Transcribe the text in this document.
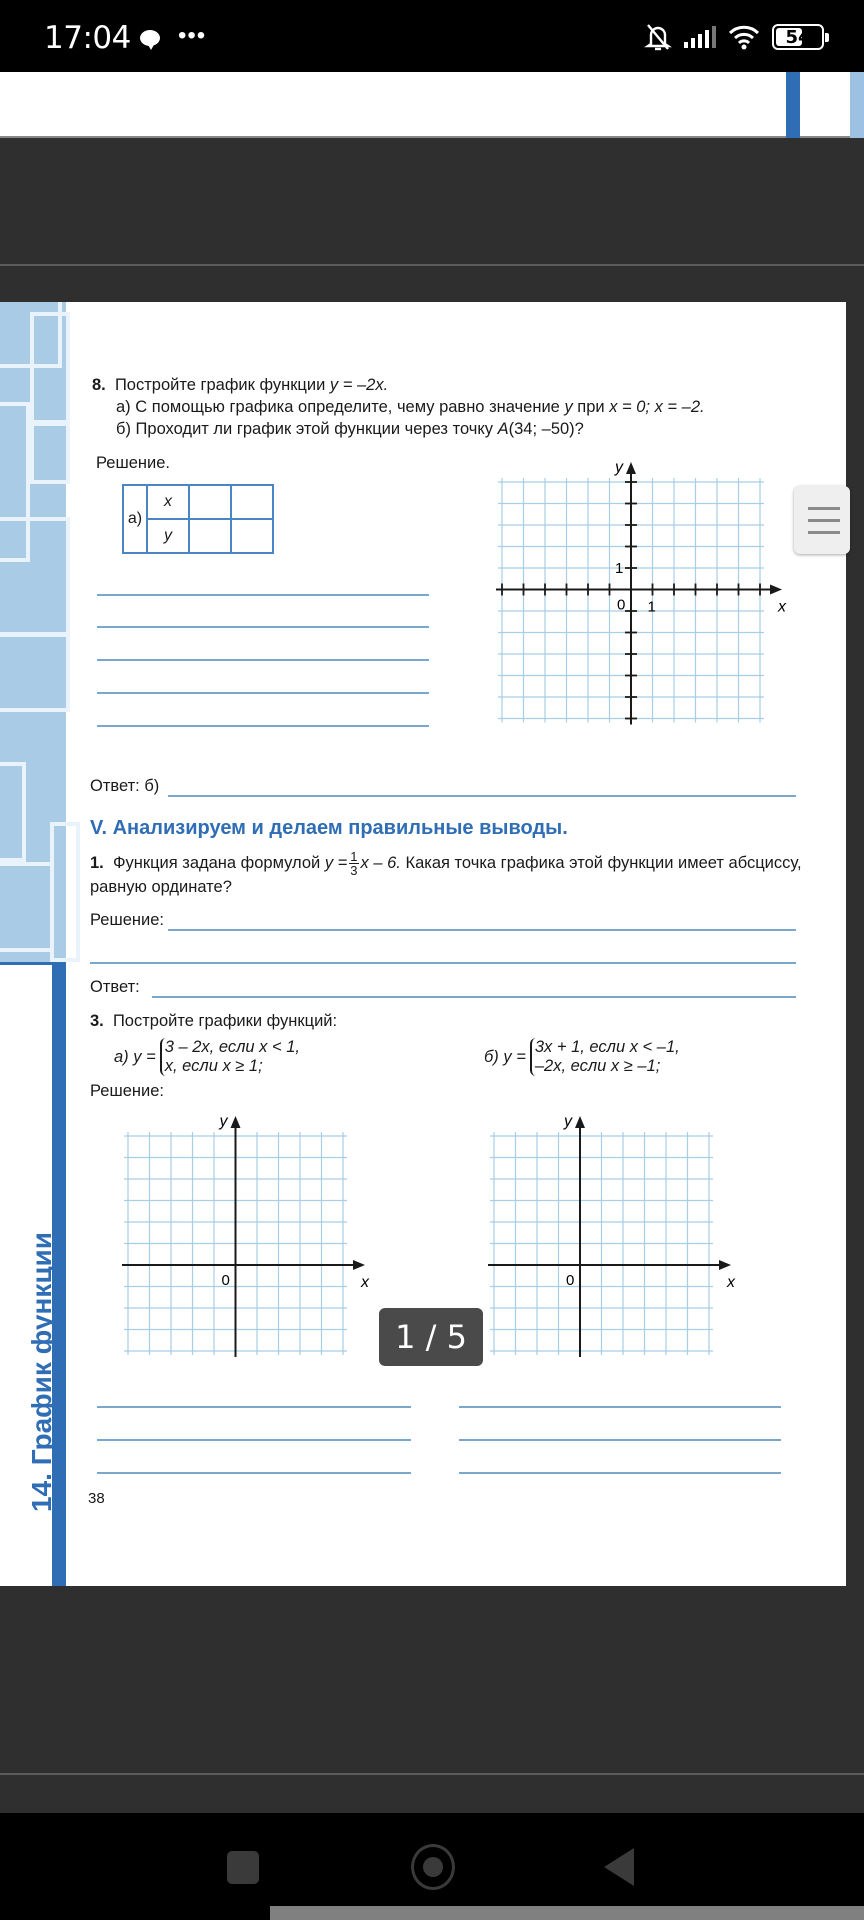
17:04 •••	54
14. График функции
8. Постройте график функции y = –2x.
а) С помощью графика определите, чему равно значение y при x = 0; x = –2.
б) Проходит ли график этой функции через точку A(34; –50)?
Решение.
а)	x		
	y		
x
y
0 1
1
Ответ: б)
V. Анализируем и делаем правильные выводы.
1. Функция задана формулой $y = \frac{1}{3}$ x – 6. Какая точка графика этой функции имеет абсциссу,
равную ординате?
Решение:
Ответ:
3. Постройте графики функций:
а) y =
3 – 2x, если x < 1,
x, если x ≥ 1;
б) y =
3x + 1, если x < –1,
–2x, если x ≥ –1;
Решение:
x
y
0	x
y
0
38
1 / 5
